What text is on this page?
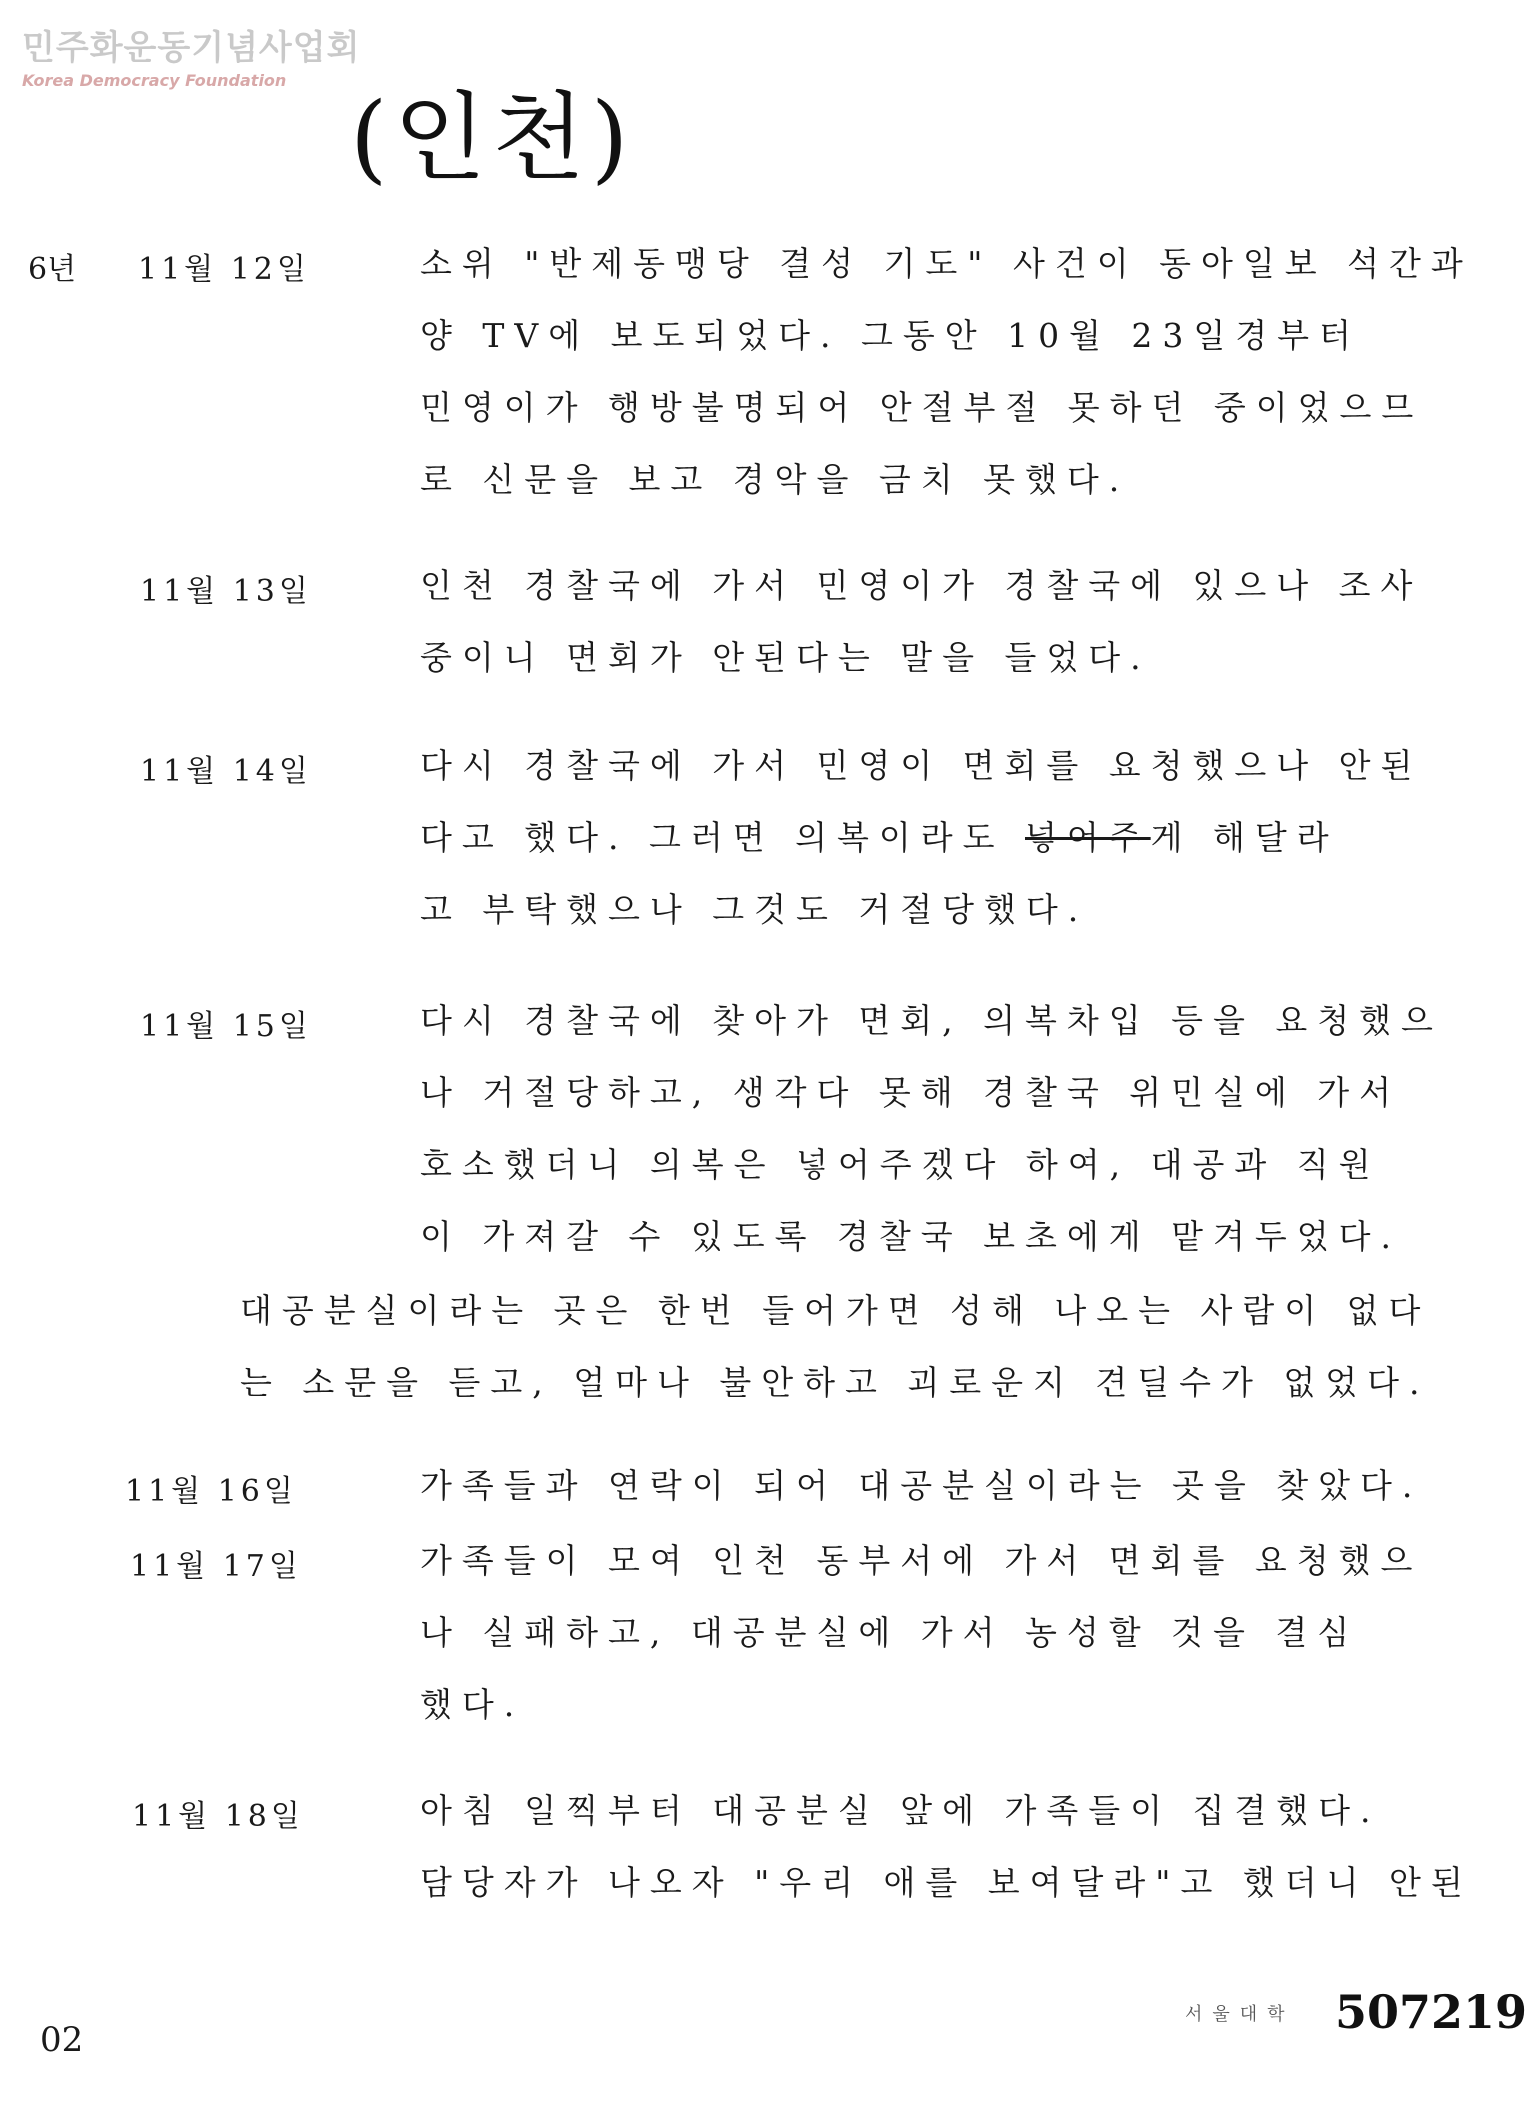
민주화운동기념사업회
Korea Democracy Foundation
(인천)
6년 11월 12일	소위 "반제동맹당 결성 기도" 사건이 동아일보 석간과
양 TV에 보도되었다. 그동안 10월 23일경부터
민영이가 행방불명되어 안절부절 못하던 중이었으므
로 신문을 보고 경악을 금치 못했다.
11월 13일	인천 경찰국에 가서 민영이가 경찰국에 있으나 조사
중이니 면회가 안된다는 말을 들었다.
11월 14일	다시 경찰국에 가서 민영이 면회를 요청했으나 안된
다고 했다. 그러면 의복이라도 넣어주게 해달라
고 부탁했으나 그것도 거절당했다.
11월 15일	다시 경찰국에 찾아가 면회, 의복차입 등을 요청했으
나 거절당하고, 생각다 못해 경찰국 위민실에 가서
호소했더니 의복은 넣어주겠다 하여, 대공과 직원
이 가져갈 수 있도록 경찰국 보초에게 맡겨두었다.
대공분실이라는 곳은 한번 들어가면 성해 나오는 사람이 없다
는 소문을 듣고, 얼마나 불안하고 괴로운지 견딜수가 없었다.
11월 16일	가족들과 연락이 되어 대공분실이라는 곳을 찾았다.
11월 17일	가족들이 모여 인천 동부서에 가서 면회를 요청했으
나 실패하고, 대공분실에 가서 농성할 것을 결심
했다.
11월 18일	아침 일찍부터 대공분실 앞에 가족들이 집결했다.
담당자가 나오자 "우리 애를 보여달라"고 했더니 안된
02
서울대학 507219
